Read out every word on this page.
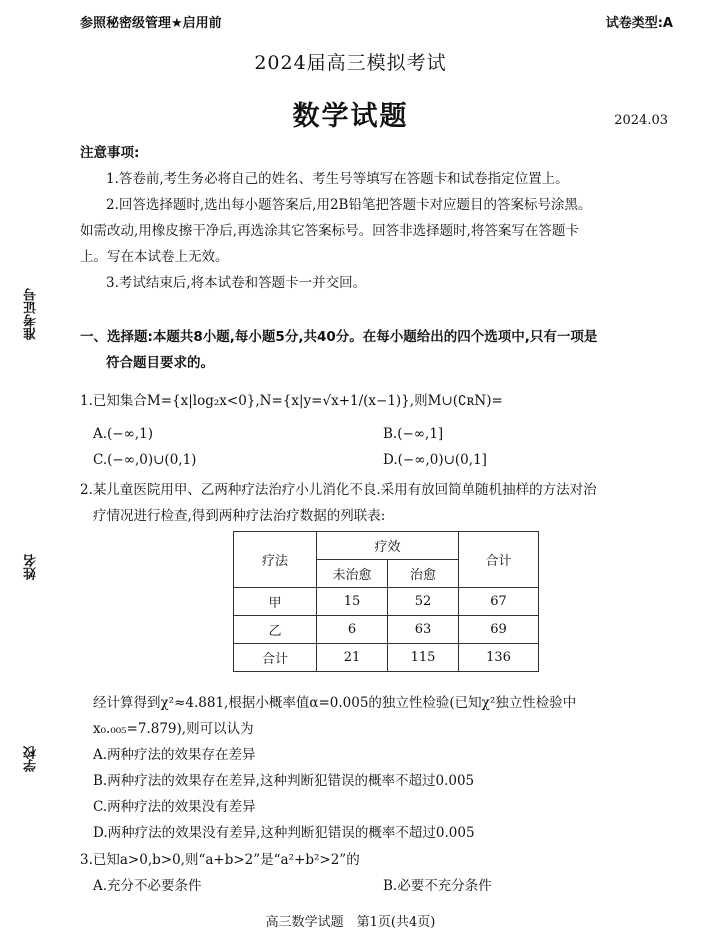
参照秘密级管理★启用前	试卷类型:A
2024届高三模拟考试
数学试题	2024.03
准考证号
姓名
学校
注意事项:
1.答卷前,考生务必将自己的姓名、考生号等填写在答题卡和试卷指定位置上。
2.回答选择题时,选出每小题答案后,用2B铅笔把答题卡对应题目的答案标号涂黑。
如需改动,用橡皮擦干净后,再选涂其它答案标号。回答非选择题时,将答案写在答题卡
上。写在本试卷上无效。
3.考试结束后,将本试卷和答题卡一并交回。
一、选择题:本题共8小题,每小题5分,共40分。在每小题给出的四个选项中,只有一项是
符合题目要求的。
1.已知集合M={x|log₂x<0},N={x|y=√x+1/(x−1)},则M∪(∁ʀN)=
A.(−∞,1)	B.(−∞,1]
C.(−∞,0)∪(0,1)	D.(−∞,0)∪(0,1]
2.某儿童医院用甲、乙两种疗法治疗小儿消化不良.采用有放回简单随机抽样的方法对治
疗情况进行检查,得到两种疗法治疗数据的列联表:
疗法	疗效		合计
	未治愈	治愈	
甲	15	52	67
乙	6	63	69
合计	21	115	136
经计算得到χ²≈4.881,根据小概率值α=0.005的独立性检验(已知χ²独立性检验中
x₀.₀₀₅=7.879),则可以认为
A.两种疗法的效果存在差异
B.两种疗法的效果存在差异,这种判断犯错误的概率不超过0.005
C.两种疗法的效果没有差异
D.两种疗法的效果没有差异,这种判断犯错误的概率不超过0.005
3.已知a>0,b>0,则“a+b>2”是“a²+b²>2”的
A.充分不必要条件	B.必要不充分条件
高三数学试题　第1页(共4页)
